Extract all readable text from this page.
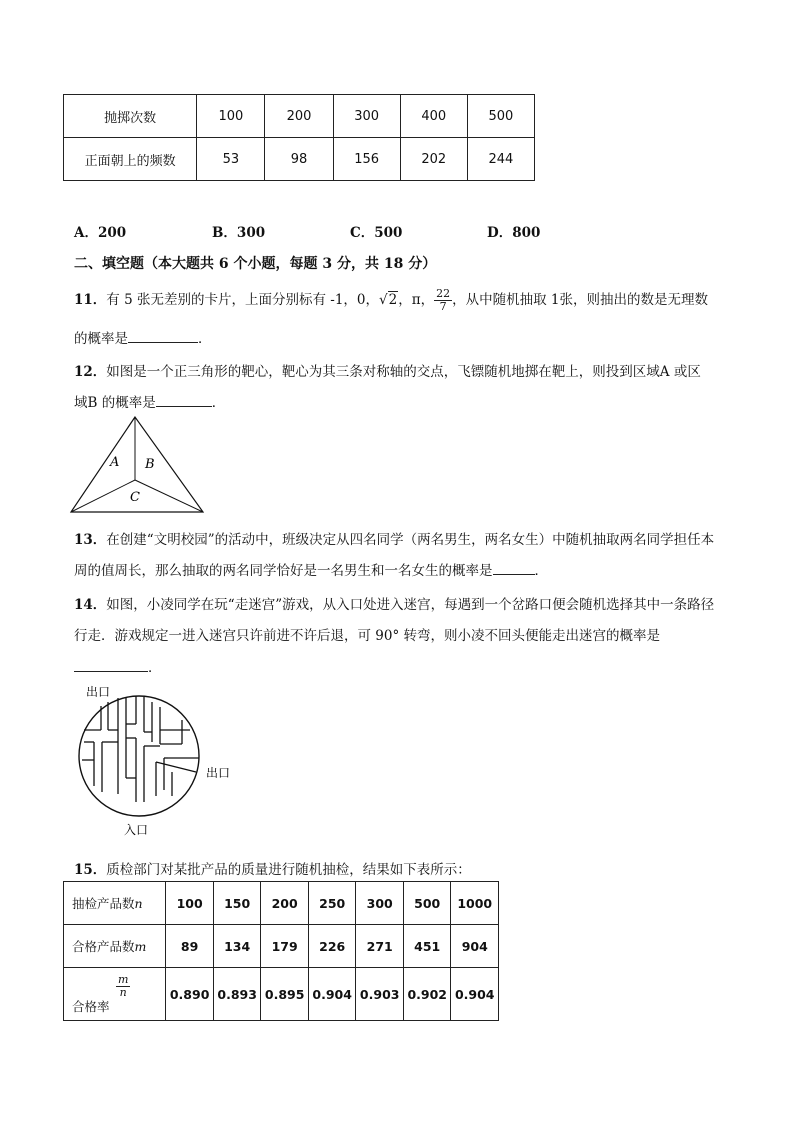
抛掷次数	100	200	300	400	500
正面朝上的频数	53	98	156	202	244
A．200	B．300	C．500	D．800
二、填空题（本大题共 6 个小题，每题 3 分，共 18 分）
11．有 5 张无差别的卡片，上面分别标有 -1，0，√2，π， $\frac{22}{7}$ ，从中随机抽取 1张，则抽出的数是无理数
的概率是	．
12．如图是一个正三角形的靶心，靶心为其三条对称轴的交点，飞镖随机地掷在靶上，则投到区域A 或区
域B 的概率是	．
A B
C
13．在创建“文明校园”的活动中，班级决定从四名同学（两名男生，两名女生）中随机抽取两名同学担任本
周的值周长，那么抽取的两名同学恰好是一名男生和一名女生的概率是	．
14．如图，小凌同学在玩“走迷宫”游戏，从入口处进入迷宫，每遇到一个岔路口便会随机选择其中一条路径
行走．游戏规定一进入迷宫只许前进不许后退，可 90° 转弯，则小凌不回头便能走出迷宫的概率是
．
出口
出口
入口
15．质检部门对某批产品的质量进行随机抽检，结果如下表所示：
抽检产品数n	100	150	200	250	300	500	1000
合格产品数m	89	134	179	226	271	451	904

$\frac{m}{n}$
合格率	0.890	0.893	0.895	0.904	0.903	0.902	0.904
